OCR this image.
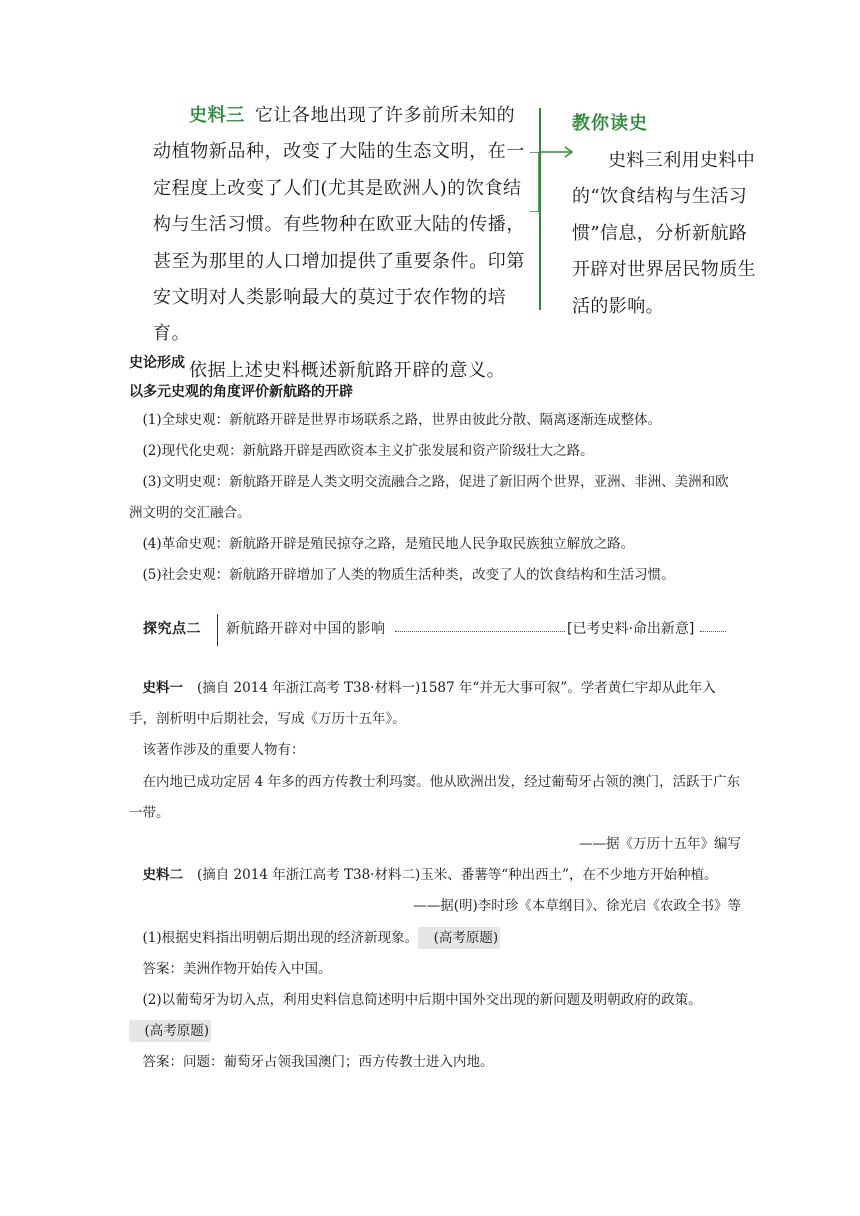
史料三 它让各地出现了许多前所未知的动植物新品种，改变了大陆的生态文明，在一定程度上改变了人们(尤其是欧洲人)的饮食结构与生活习惯。有些物种在欧亚大陆的传播，甚至为那里的人口增加提供了重要条件。印第安文明对人类影响最大的莫过于农作物的培育。

依据上述史料概述新航路开辟的意义。

教你读史

史料三利用史料中的“饮食结构与生活习惯”信息，分析新航路开辟对世界居民物质生活的影响。

史论形成

以多元史观的角度评价新航路的开辟

(1)全球史观：新航路开辟是世界市场联系之路，世界由彼此分散、隔离逐渐连成整体。

(2)现代化史观：新航路开辟是西欧资本主义扩张发展和资产阶级壮大之路。

(3)文明史观：新航路开辟是人类文明交流融合之路，促进了新旧两个世界，亚洲、非洲、美洲和欧洲文明的交汇融合。

(4)革命史观：新航路开辟是殖民掠夺之路，是殖民地人民争取民族独立解放之路。

(5)社会史观：新航路开辟增加了人类的物质生活种类，改变了人的饮食结构和生活习惯。

探究点二 新航路开辟对中国的影响	[已考史料·命出新意]

史料一 (摘自 2014 年浙江高考 T38·材料一)1587 年“并无大事可叙”。学者黄仁宇却从此年入手，剖析明中后期社会，写成《万历十五年》。

该著作涉及的重要人物有：

在内地已成功定居 4 年多的西方传教士利玛窦。他从欧洲出发，经过葡萄牙占领的澳门，活跃于广东一带。

——据《万历十五年》编写

史料二 (摘自 2014 年浙江高考 T38·材料二)玉米、番薯等“种出西土”，在不少地方开始种植。

——据(明)李时珍《本草纲目》、徐光启《农政全书》等

(1)根据史料指出明朝后期出现的经济新现象。 (高考原题)

答案：美洲作物开始传入中国。

(2)以葡萄牙为切入点，利用史料信息简述明中后期中国外交出现的新问题及明朝政府的政策。(高考原题)

答案：问题：葡萄牙占领我国澳门；西方传教士进入内地。
